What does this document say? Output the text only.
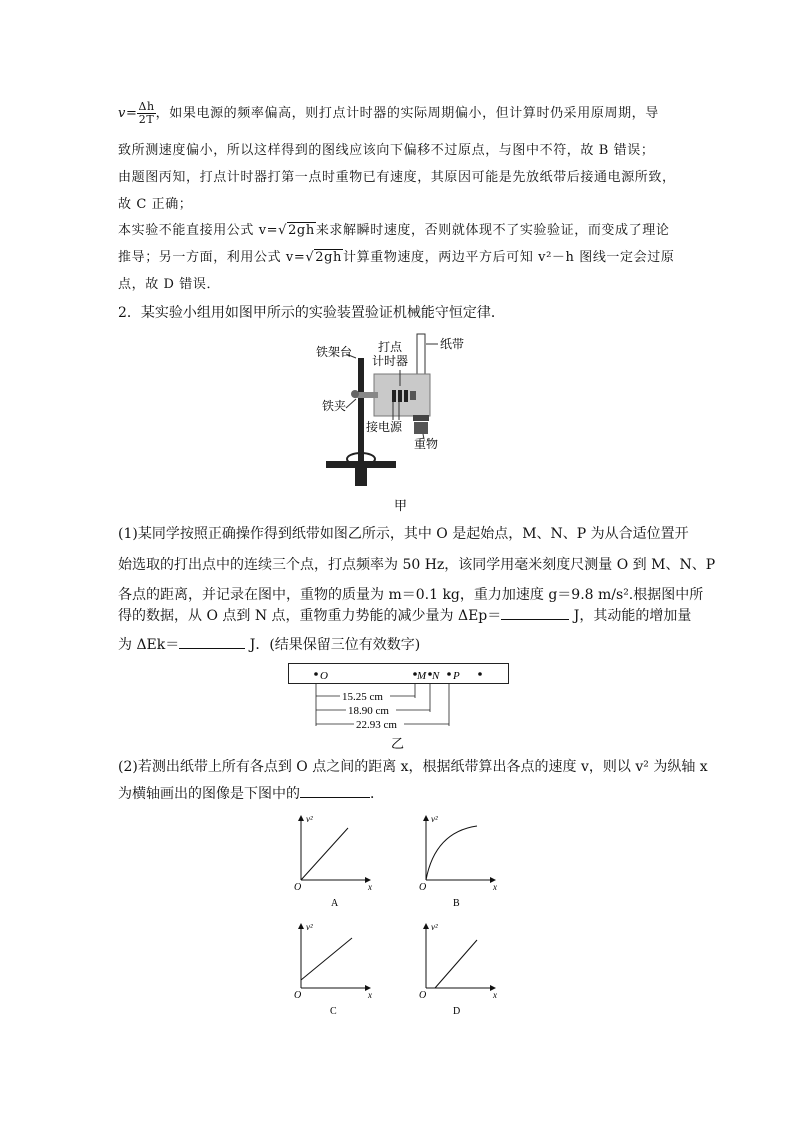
$v= \frac{\Delta h}{2T}$ ，如果电源的频率偏高，则打点计时器的实际周期偏小，但计算时仍采用原周期，导
致所测速度偏小，所以这样得到的图线应该向下偏移不过原点，与图中不符，故 B 错误；
由题图丙知，打点计时器打第一点时重物已有速度，其原因可能是先放纸带后接通电源所致，
故 C 正确；
本实验不能直接用公式 v=√2gh来求解瞬时速度，否则就体现不了实验验证，而变成了理论
推导；另一方面，利用公式 v=√2gh计算重物速度，两边平方后可知 v²－h 图线一定会过原
点，故 D 错误．
2．某实验小组用如图甲所示的实验装置验证机械能守恒定律．
铁架台 打点
计时器
纸带
铁夹
接电源
重物
甲
(1)某同学按照正确操作得到纸带如图乙所示，其中 O 是起始点，M、N、P 为从合适位置开
始选取的打出点中的连续三个点，打点频率为 50 Hz，该同学用毫米刻度尺测量 O 到 M、N、P
各点的距离，并记录在图中，重物的质量为 m＝0.1 kg，重力加速度 g＝9.8 m/s².根据图中所
得的数据，从 O 点到 N 点，重物重力势能的减少量为 ΔEp＝	J，其动能的增加量
为 ΔEk＝	J．(结果保留三位有效数字)
O	M N P
15.25 cm
18.90 cm
22.93 cm
乙
(2)若测出纸带上所有各点到 O 点之间的距离 x，根据纸带算出各点的速度 v，则以 v² 为纵轴 x
为横轴画出的图像是下图中的	．
v²
x
O
A
v²
x
O
B
v²
x
O
C
v²
x
O
D
